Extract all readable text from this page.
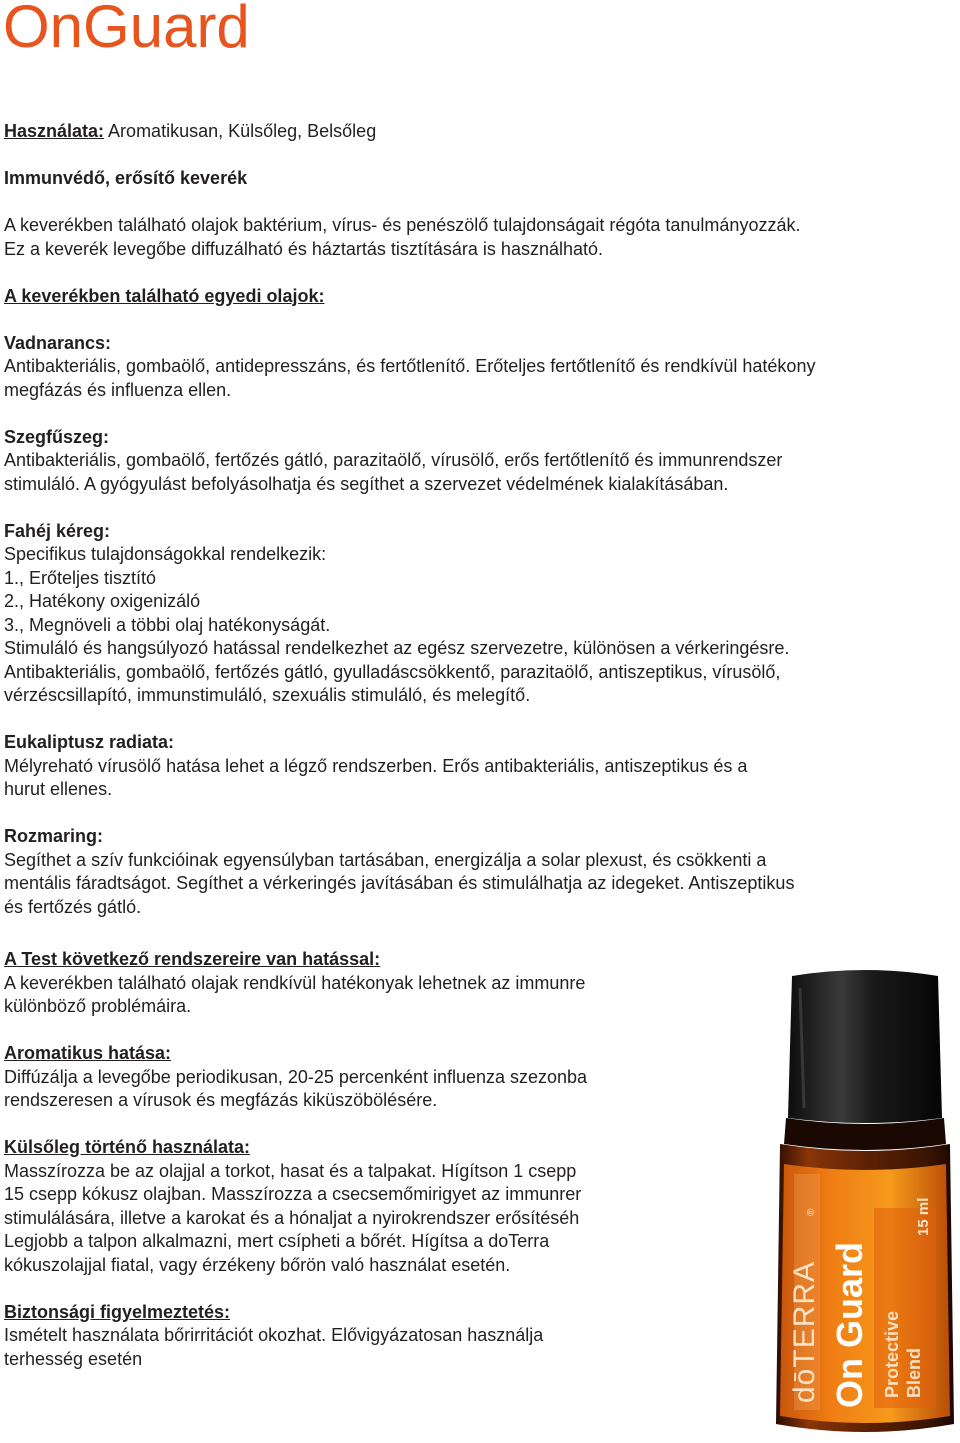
OnGuard

Használata: Aromatikusan, Külsőleg, Belsőleg

Immunvédő, erősítő keverék

A keverékben található olajok baktérium, vírus- és penészölő tulajdonságait régóta tanulmányozzák.

Ez a keverék levegőbe diffuzálható és háztartás tisztítására is használható.

A keverékben található egyedi olajok:

Vadnarancs:

Antibakteriális, gombaölő, antidepresszáns, és fertőtlenítő. Erőteljes fertőtlenítő és rendkívül hatékony

megfázás és influenza ellen.

Szegfűszeg:

Antibakteriális, gombaölő, fertőzés gátló, parazitaölő, vírusölő, erős fertőtlenítő és immunrendszer

stimuláló. A gyógyulást befolyásolhatja és segíthet a szervezet védelmének kialakításában.

Fahéj kéreg:

Specifikus tulajdonságokkal rendelkezik:

1., Erőteljes tisztító

2., Hatékony oxigenizáló

3., Megnöveli a többi olaj hatékonyságát.

Stimuláló és hangsúlyozó hatással rendelkezhet az egész szervezetre, különösen a vérkeringésre.

Antibakteriális, gombaölő, fertőzés gátló, gyulladáscsökkentő, parazitaölő, antiszeptikus, vírusölő,

vérzéscsillapító, immunstimuláló, szexuális stimuláló, és melegítő.

Eukaliptusz radiata:

Mélyreható vírusölő hatása lehet a légző rendszerben. Erős antibakteriális, antiszeptikus és a

hurut ellenes.

Rozmaring:

Segíthet a szív funkcióinak egyensúlyban tartásában, energizálja a solar plexust, és csökkenti a

mentális fáradtságot. Segíthet a vérkeringés javításában és stimulálhatja az idegeket. Antiszeptikus

és fertőzés gátló.

A Test következő rendszereire van hatással:

A keverékben található olajak rendkívül hatékonyak lehetnek az immunre

különböző problémáira.

Aromatikus hatása:

Diffúzálja a levegőbe periodikusan, 20-25 percenként influenza szezonba

rendszeresen a vírusok és megfázás kiküszöbölésére.

Külsőleg történő használata:

Masszírozza be az olajjal a torkot, hasat és a talpakat. Hígítson 1 csepp

15 csepp kókusz olajban. Masszírozza a csecsemőmirigyet az immunrer

stimulálására, illetve a karokat és a hónaljat a nyirokrendszer erősítéséh

Legjobb a talpon alkalmazni, mert csípheti a bőrét. Hígítsa a doTerra

kókuszolajjal fiatal, vagy érzékeny bőrön való használat esetén.

Biztonsági figyelmeztetés:

Ismételt használata bőrirritációt okozhat. Elővigyázatosan használja

terhesség esetén	dōTERRA On Guard Protective Blend
15 ml
®
